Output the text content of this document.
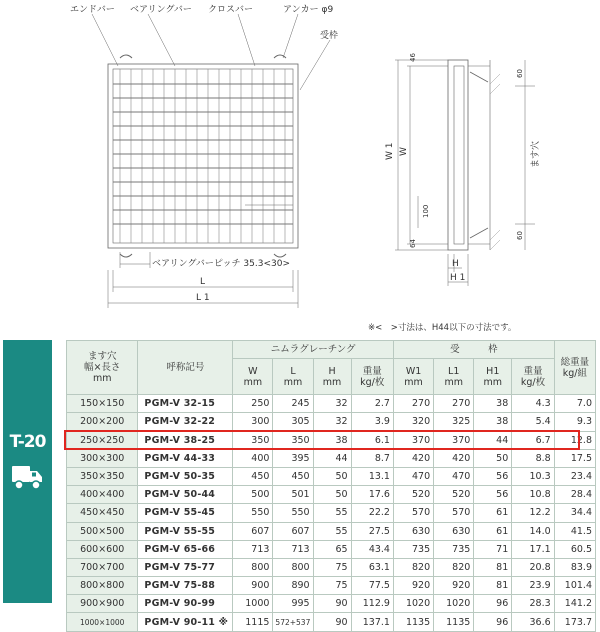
エンドバー ベアリングバー クロスバー	アンカー φ9
受枠
ベアリングバーピッチ 35.3<30>
L
L 1
W 1 W
46
64
100
60
60
ます穴
H
H 1
※<　>寸法は、H44以下の寸法です。
T-20
ます穴
幅×長さ
mm	呼称記号	ニムラグレーチング				受　　　枠				総重量
kg/組
		W
mm	L
mm	H
mm	重量
kg/枚	W1
mm	L1
mm	H1
mm	重量
kg/枚	
150×150	PGM-V 32-15	250	245	32	2.7	270	270	38	4.3	7.0
200×200	PGM-V 32-22	300	305	32	3.9	320	325	38	5.4	9.3
250×250	PGM-V 38-25	350	350	38	6.1	370	370	44	6.7	12.8
300×300	PGM-V 44-33	400	395	44	8.7	420	420	50	8.8	17.5
350×350	PGM-V 50-35	450	450	50	13.1	470	470	56	10.3	23.4
400×400	PGM-V 50-44	500	501	50	17.6	520	520	56	10.8	28.4
450×450	PGM-V 55-45	550	550	55	22.2	570	570	61	12.2	34.4
500×500	PGM-V 55-55	607	607	55	27.5	630	630	61	14.0	41.5
600×600	PGM-V 65-66	713	713	65	43.4	735	735	71	17.1	60.5
700×700	PGM-V 75-77	800	800	75	63.1	820	820	81	20.8	83.9
800×800	PGM-V 75-88	900	890	75	77.5	920	920	81	23.9	101.4
900×900	PGM-V 90-99	1000	995	90	112.9	1020	1020	96	28.3	141.2
1000×1000	PGM-V 90-11 ※	1115	572+537	90	137.1	1135	1135	96	36.6	173.7
